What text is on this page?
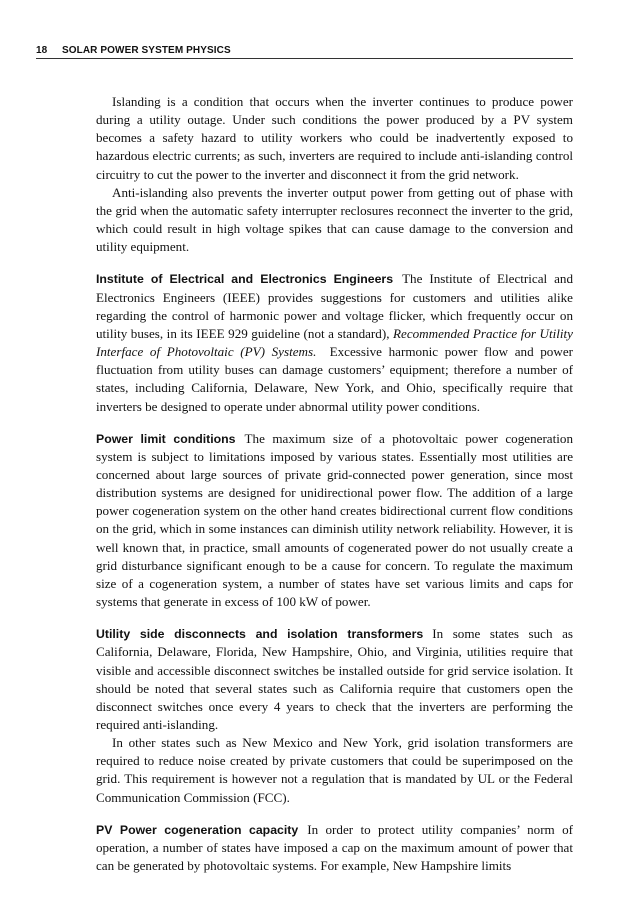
18 SOLAR POWER SYSTEM PHYSICS

Islanding is a condition that occurs when the inverter continues to produce power during a utility outage. Under such conditions the power produced by a PV system becomes a safety hazard to utility workers who could be inadvertently exposed to hazardous electric currents; as such, inverters are required to include anti-islanding control circuitry to cut the power to the inverter and disconnect it from the grid network.

Anti-islanding also prevents the inverter output power from getting out of phase with the grid when the automatic safety interrupter reclosures reconnect the inverter to the grid, which could result in high voltage spikes that can cause damage to the conversion and utility equipment.

Institute of Electrical and Electronics Engineers The Institute of Electrical and Electronics Engineers (IEEE) provides suggestions for customers and utilities alike regarding the control of harmonic power and voltage flicker, which frequently occur on utility buses, in its IEEE 929 guideline (not a standard), Recommended Practice for Utility Interface of Photovoltaic (PV) Systems. Excessive harmonic power flow and power fluctuation from utility buses can damage customers’ equipment; therefore a number of states, including California, Delaware, New York, and Ohio, specifically require that inverters be designed to operate under abnormal utility power conditions.

Power limit conditions The maximum size of a photovoltaic power cogeneration system is subject to limitations imposed by various states. Essentially most utilities are concerned about large sources of private grid-connected power generation, since most distribution systems are designed for unidirectional power flow. The addition of a large power cogeneration system on the other hand creates bidirectional current flow conditions on the grid, which in some instances can diminish utility network reliability. However, it is well known that, in practice, small amounts of cogenerated power do not usually create a grid disturbance significant enough to be a cause for concern. To regulate the maximum size of a cogeneration system, a number of states have set various limits and caps for systems that generate in excess of 100 kW of power.

Utility side disconnects and isolation transformers In some states such as California, Delaware, Florida, New Hampshire, Ohio, and Virginia, utilities require that visible and accessible disconnect switches be installed outside for grid service isolation. It should be noted that several states such as California require that customers open the disconnect switches once every 4 years to check that the inverters are performing the required anti-islanding.

In other states such as New Mexico and New York, grid isolation transformers are required to reduce noise created by private customers that could be superimposed on the grid. This requirement is however not a regulation that is mandated by UL or the Federal Communication Commission (FCC).

PV Power cogeneration capacity In order to protect utility companies’ norm of operation, a number of states have imposed a cap on the maximum amount of power that can be generated by photovoltaic systems. For example, New Hampshire limits
